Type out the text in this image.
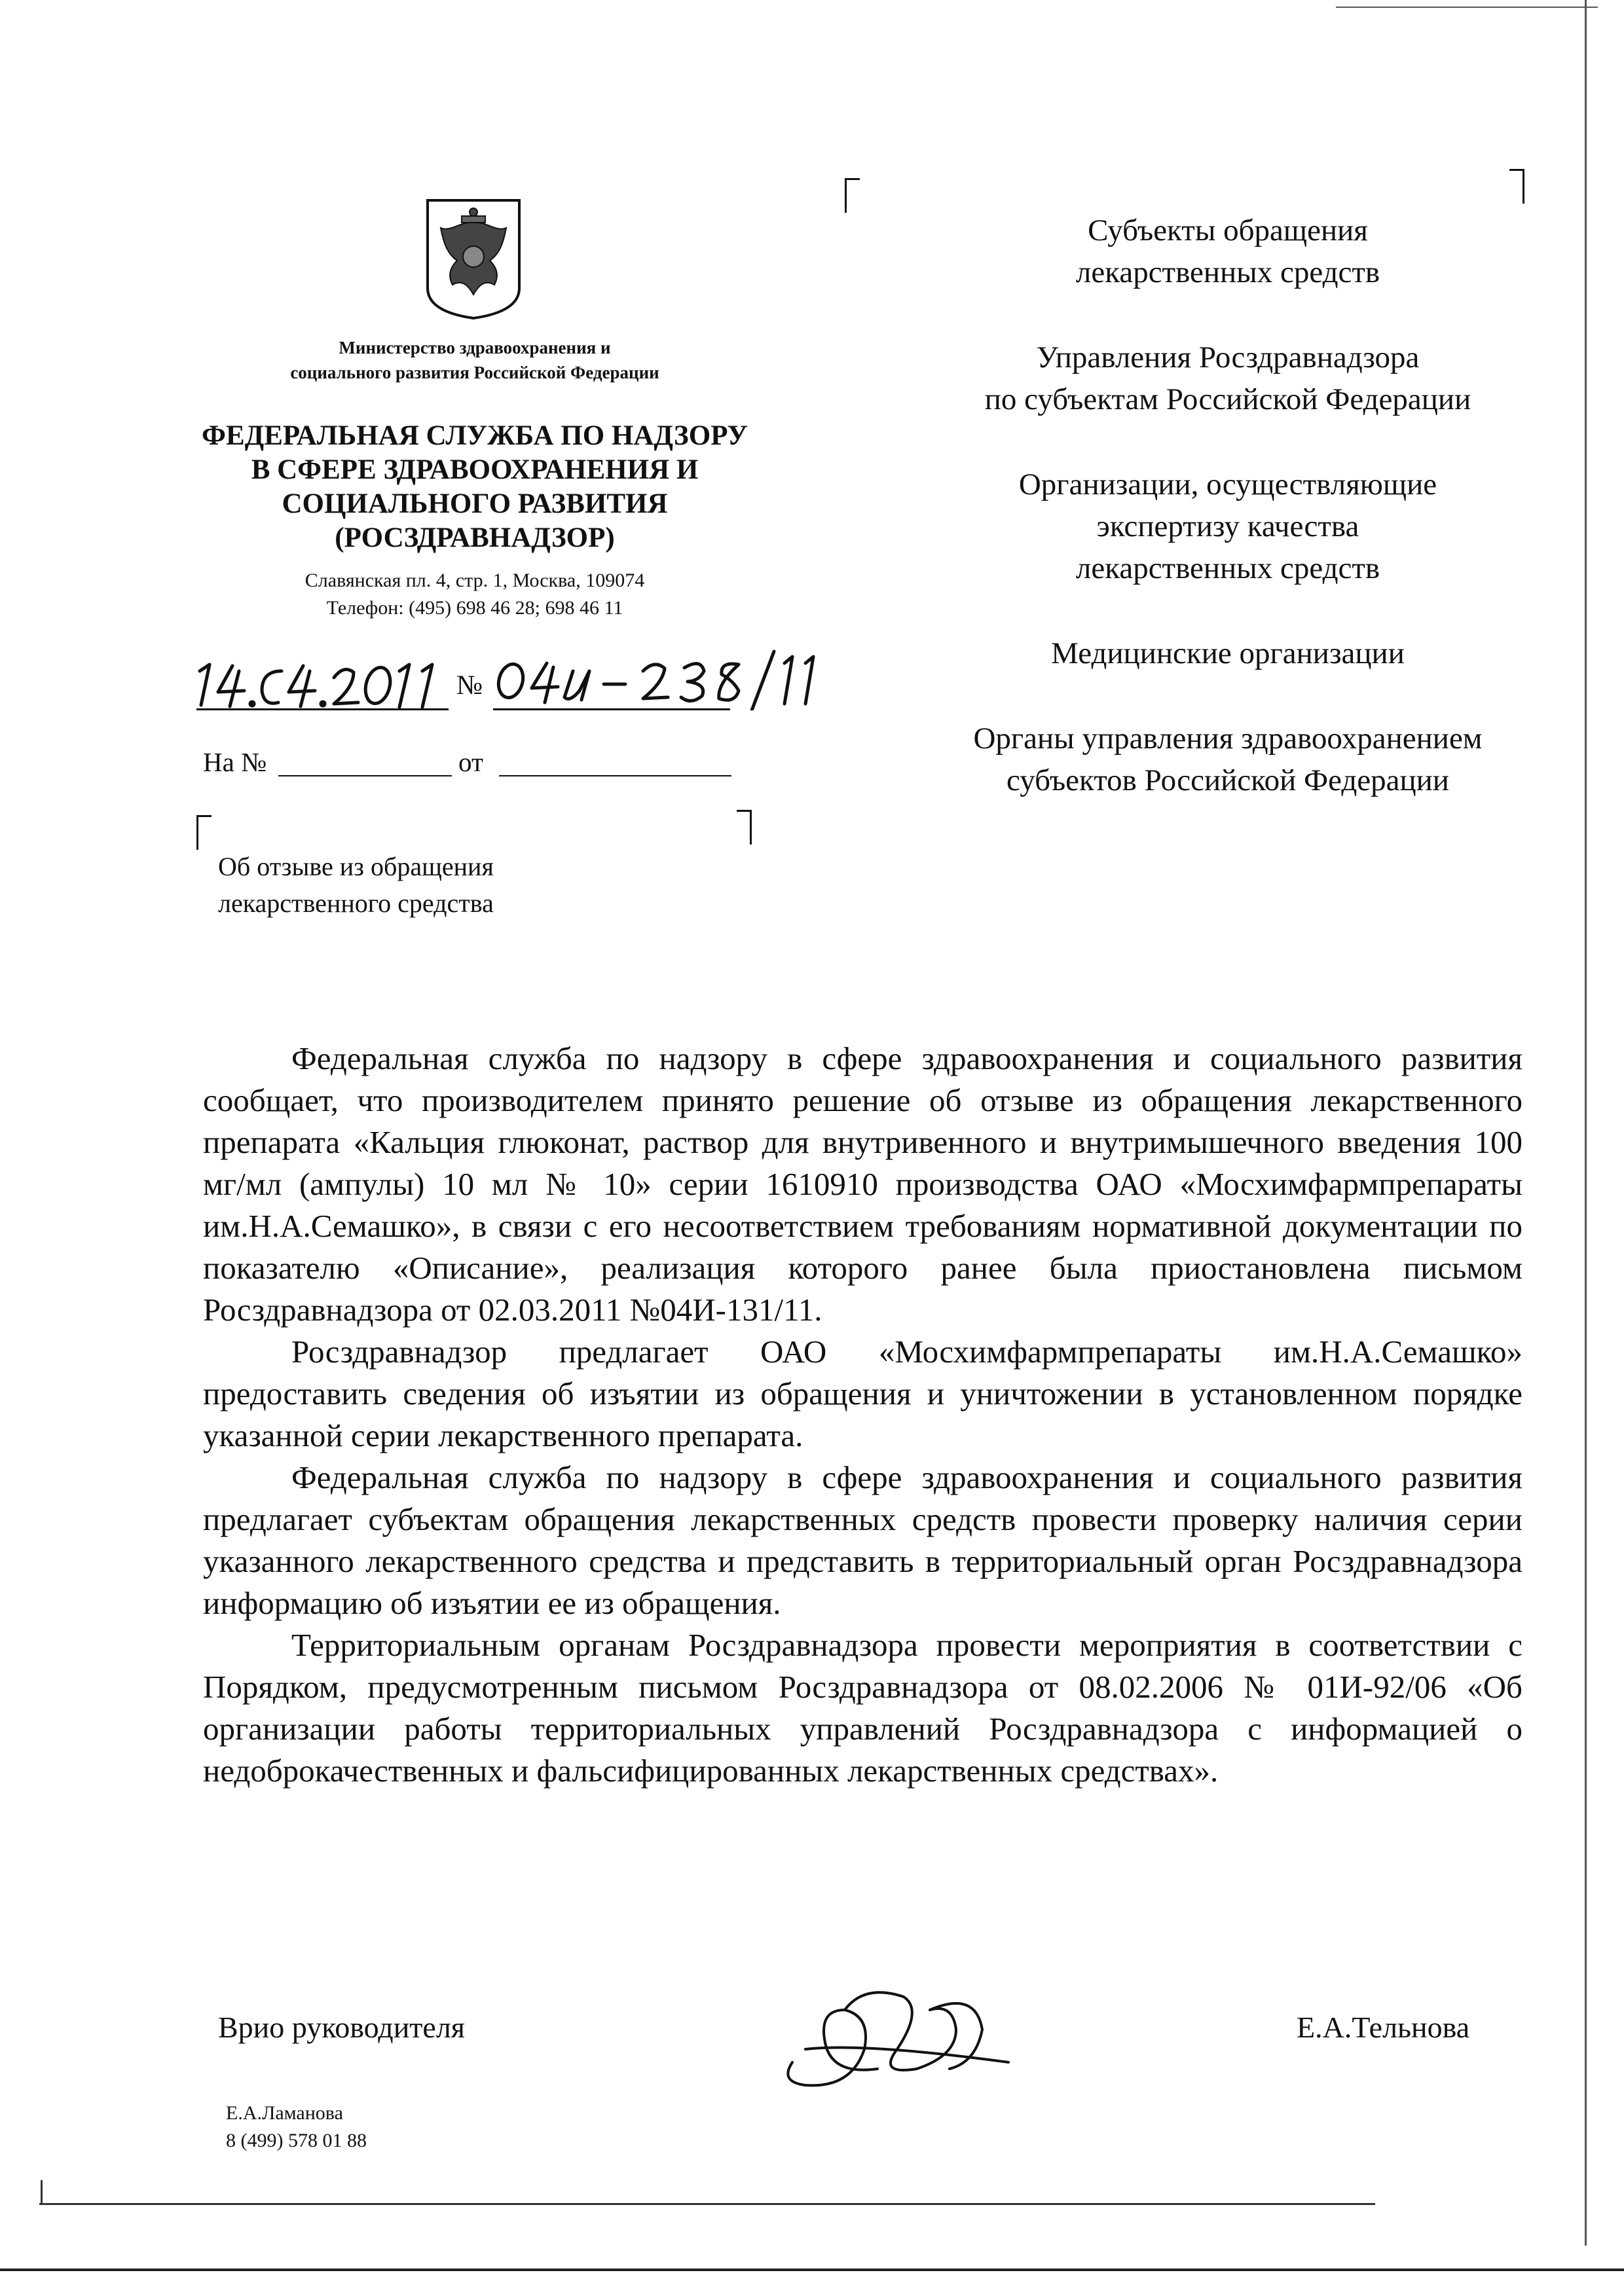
Министерство здравоохранения и
социального развития Российской Федерации
ФЕДЕРАЛЬНАЯ СЛУЖБА ПО НАДЗОРУ
В СФЕРЕ ЗДРАВООХРАНЕНИЯ И
СОЦИАЛЬНОГО РАЗВИТИЯ
(РОСЗДРАВНАДЗОР)
Славянская пл. 4, стр. 1, Москва, 109074
Телефон: (495) 698 46 28; 698 46 11
№
На №	от
Об отзыве из обращения
лекарственного средства

Субъекты обращения
лекарственных средств

Управления Росздравнадзора
по субъектам Российской Федерации

Организации, осуществляющие
экспертизу качества
лекарственных средств

Медицинские организации

Органы управления здравоохранением
субъектов Российской Федерации

Федеральная служба по надзору в сфере здравоохранения и социального развития сообщает, что производителем принято решение об отзыве из обращения лекарственного препарата «Кальция глюконат, раствор для внутривенного и внутримышечного введения 100 мг/мл (ампулы) 10 мл № 10» серии 1610910 производства ОАО «Мосхимфармпрепараты им.Н.А.Семашко», в связи с его несоответствием требованиям нормативной документации по показателю «Описание», реализация которого ранее была приостановлена письмом Росздравнадзора от 02.03.2011 №04И-131/11.

Росздравнадзор предлагает ОАО «Мосхимфармпрепараты им.Н.А.Семашко» предоставить сведения об изъятии из обращения и уничтожении в установленном порядке указанной серии лекарственного препарата.

Федеральная служба по надзору в сфере здравоохранения и социального развития предлагает субъектам обращения лекарственных средств провести проверку наличия серии указанного лекарственного средства и представить в территориальный орган Росздравнадзора информацию об изъятии ее из обращения.

Территориальным органам Росздравнадзора провести мероприятия в соответствии с Порядком, предусмотренным письмом Росздравнадзора от 08.02.2006 № 01И-92/06 «Об организации работы территориальных управлений Росздравнадзора с информацией о недоброкачественных и фальсифицированных лекарственных средствах».

Врио руководителя	Е.А.Тельнова
Е.А.Ламанова
8 (499) 578 01 88
